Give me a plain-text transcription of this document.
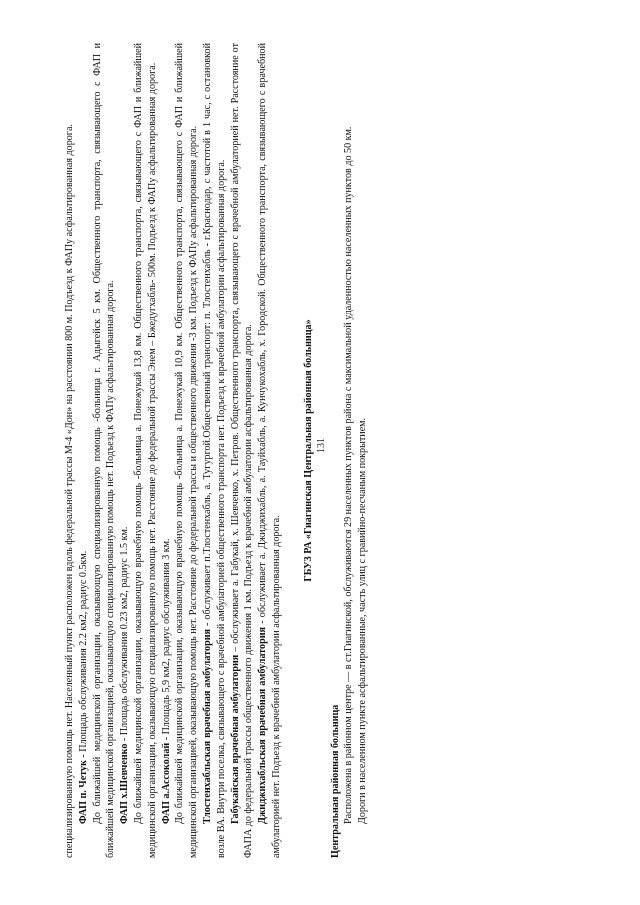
131

специализированную помощь нет. Населенный пункт расположен вдоль федеральной трассы М-4 «Дон» на расстоянии 800 м. Подъезд к ФАПу асфальтированная дорога. ФАП п. Четук - Площадь обслуживания 2.2 км2, радиус 0.5км. До ближайшей медицинской организации, оказывающую специализированную помощь -больница г. Адыгейск 5 км. Общественного транспорта, связывающего с ФАП и ближайшей медицинской организацией, оказывающую специализированную помощь нет. Подъезд к ФАПу асфальтированная дорога. ФАП х.Шевченко - Площадь обслуживания 0.23 км2, радиус 1.5 км. До ближайшей медицинской организации, оказывающую врачебную помощь -больница а. Понежукай 13,8 км. Общественного транспорта, связывающего с ФАП и ближайшей медицинской организации, оказывающую специализированную помощь нет. Расстояние до федеральной трассы Энем – Бжедугхабль- 500м. Подъезд к ФАПу асфальтированная дорога. ФАП а.Ассоколай - Площадь 5,9 км2, радиус обслуживания 3 км. До ближайшей медицинской организации, оказывающую врачебную помощь -больница а. Понежукай 10,9 км. Общественного транспорта, связывающего с ФАП и ближайшей медицинской организацией, оказывающую помощь нет. Расстояние до федеральной трассы и общественного движения -3 км. Подъезд к ФАПу асфальтированная дорога. Тлостенхабльская врачебная амбулатория - обслуживает п.Тлостенхабль, а. Тугургой.Общественный транспорт: п. Тлостенхабль - г.Краснодар, с частотой в 1 час, с остановкой возле ВА. Внутри поселка, связывающего с врачебной амбулаторией общественного транспорта нет. Подъезд к врачебной амбулатории асфальтированная дорога. Габукайская врачебная амбулатория – обслуживает а. Габукай, х. Шевченко, х. Петров. Общественного транспорта, связывающего с врачебной амбулаторией нет. Расстояние от ФАПА до федеральной трассы общественного движения 1 км. Подъезд к врачебной амбулатории асфальтированная дорога. Джиджихабльская врачебная амбулатория - обслуживает а. Джиджихабль, а. Тауйхабль, а. Кунчукохабль, х. Городской. Общественного транспорта, связывающего с врачебной амбулаторией нет. Подъезд к врачебной амбулатории асфальтированная дорога.

ГБУЗ РА «Гиагинская Центральная районная больница»

Центральная районная больница Расположена в районном центре — в ст.Гиагинской, обслуживаются 29 населенных пунктов района с максимальной удаленностью населенных пунктов до 50 км. Дороги в населенном пункте асфальтированные, часть улиц с гравийно-песчаным покрытием.
